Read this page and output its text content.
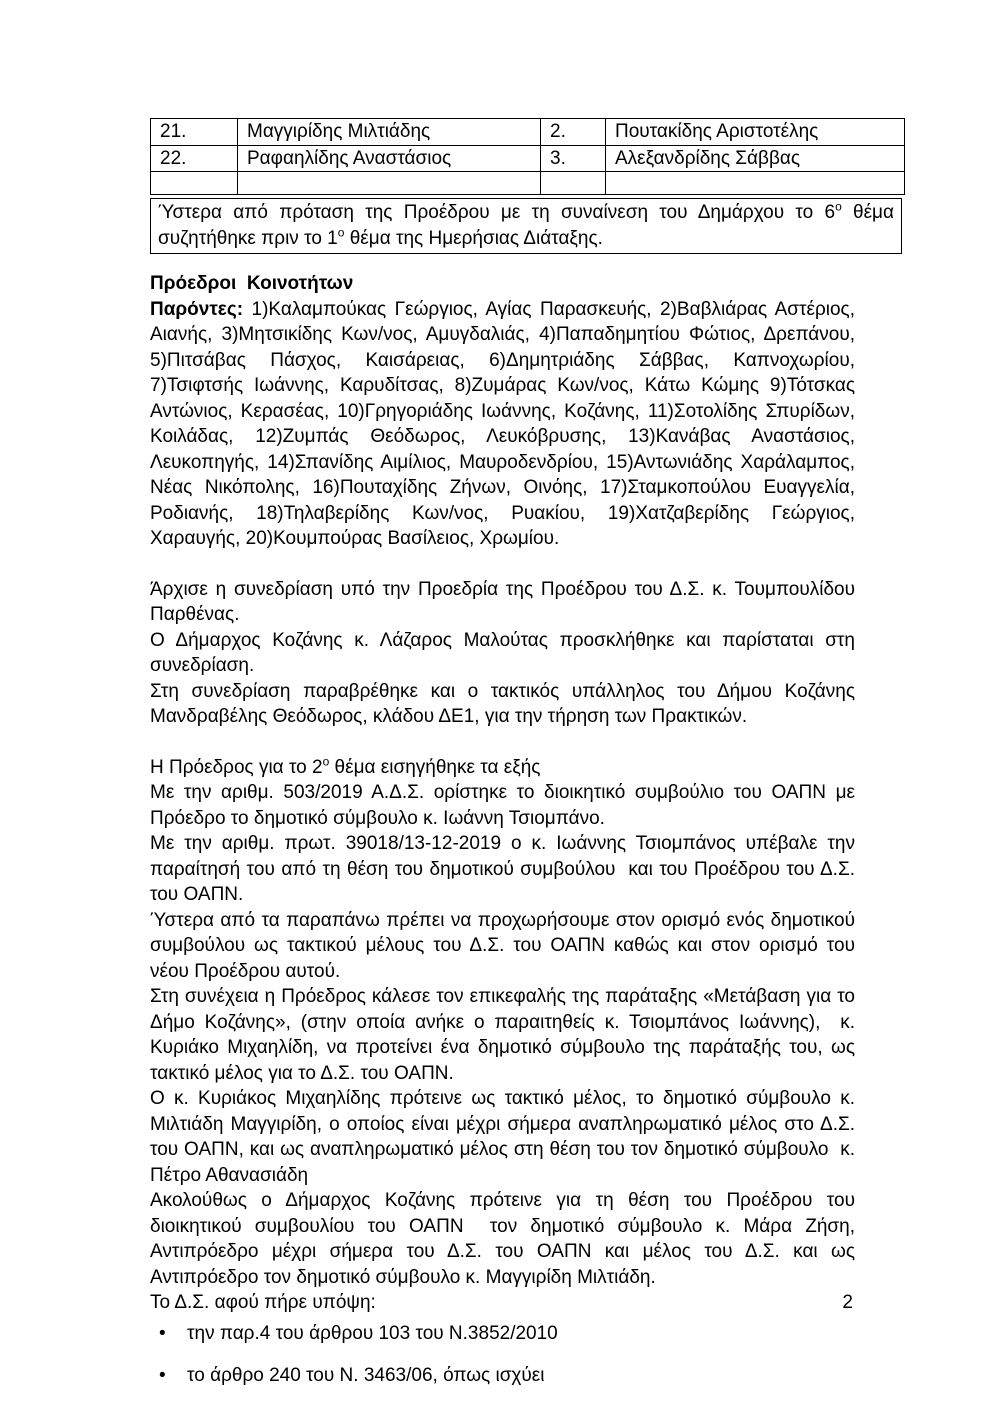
21.	Μαγγιρίδης Μιλτιάδης	2.	Πουτακίδης Αριστοτέλης
22.	Ραφαηλίδης Αναστάσιος	3.	Αλεξανδρίδης Σάββας

Ύστερα από πρόταση της Προέδρου με τη συναίνεση του Δημάρχου το $6^o$ θέμα συζητήθηκε πριν το $1^o$ θέμα της Ημερήσιας Διάταξης.

Πρόεδροι  Κοινοτήτων

Παρόντες: 1)Καλαμπούκας Γεώργιος, Αγίας Παρασκευής, 2)Βαβλιάρας Αστέριος, Αιανής, 3)Μητσικίδης Κων/νος, Αμυγδαλιάς, 4)Παπαδημητίου Φώτιος, Δρεπάνου, 5)Πιτσάβας Πάσχος, Καισάρειας, 6)Δημητριάδης Σάββας, Καπνοχωρίου, 7)Τσιφτσής Ιωάννης, Καρυδίτσας, 8)Ζυμάρας Κων/νος, Κάτω Κώμης 9)Τότσκας Αντώνιος, Κερασέας, 10)Γρηγοριάδης Ιωάννης, Κοζάνης, 11)Σοτολίδης Σπυρίδων, Κοιλάδας, 12)Ζυμπάς Θεόδωρος, Λευκόβρυσης, 13)Κανάβας Αναστάσιος, Λευκοπηγής, 14)Σπανίδης Αιμίλιος, Μαυροδενδρίου, 15)Αντωνιάδης Χαράλαμπος, Νέας Νικόπολης, 16)Πουταχίδης Ζήνων, Οινόης, 17)Σταμκοπούλου Ευαγγελία, Ροδιανής, 18)Τηλαβερίδης Κων/νος, Ρυακίου, 19)Χατζαβερίδης Γεώργιος, Χαραυγής, 20)Κουμπούρας Βασίλειος, Χρωμίου.

Άρχισε η συνεδρίαση υπό την Προεδρία της Προέδρου του Δ.Σ. κ. Τουμπουλίδου Παρθένας.

Ο Δήμαρχος Κοζάνης κ. Λάζαρος Μαλούτας προσκλήθηκε και παρίσταται στη συνεδρίαση.

Στη συνεδρίαση παραβρέθηκε και ο τακτικός υπάλληλος του Δήμου Κοζάνης Μανδραβέλης Θεόδωρος, κλάδου ΔΕ1, για την τήρηση των Πρακτικών.

Η Πρόεδρος για το $2^o$ θέμα εισηγήθηκε τα εξής

Με την αριθμ. 503/2019 Α.Δ.Σ. ορίστηκε το διοικητικό συμβούλιο του ΟΑΠΝ με Πρόεδρο το δημοτικό σύμβουλο κ. Ιωάννη Τσιομπάνο.

Με την αριθμ. πρωτ. 39018/13-12-2019 ο κ. Ιωάννης Τσιομπάνος υπέβαλε την παραίτησή του από τη θέση του δημοτικού συμβούλου  και του Προέδρου του Δ.Σ. του ΟΑΠΝ.

Ύστερα από τα παραπάνω πρέπει να προχωρήσουμε στον ορισμό ενός δημοτικού συμβούλου ως τακτικού μέλους του Δ.Σ. του ΟΑΠΝ καθώς και στον ορισμό του νέου Προέδρου αυτού.

Στη συνέχεια η Πρόεδρος κάλεσε τον επικεφαλής της παράταξης «Μετάβαση για το Δήμο Κοζάνης», (στην οποία ανήκε ο παραιτηθείς κ. Τσιομπάνος Ιωάννης),  κ. Κυριάκο Μιχαηλίδη, να προτείνει ένα δημοτικό σύμβουλο της παράταξής του, ως τακτικό μέλος για το Δ.Σ. του ΟΑΠΝ.

Ο κ. Κυριάκος Μιχαηλίδης πρότεινε ως τακτικό μέλος, το δημοτικό σύμβουλο κ. Μιλτιάδη Μαγγιρίδη, ο οποίος είναι μέχρι σήμερα αναπληρωματικό μέλος στο Δ.Σ. του ΟΑΠΝ, και ως αναπληρωματικό μέλος στη θέση του τον δημοτικό σύμβουλο  κ. Πέτρο Αθανασιάδη

Ακολούθως ο Δήμαρχος Κοζάνης πρότεινε για τη θέση του Προέδρου του διοικητικού συμβουλίου του ΟΑΠΝ  τον δημοτικό σύμβουλο κ. Μάρα Ζήση, Αντιπρόεδρο μέχρι σήμερα του Δ.Σ. του ΟΑΠΝ και μέλος του Δ.Σ. και ως Αντιπρόεδρο τον δημοτικό σύμβουλο κ. Μαγγιρίδη Μιλτιάδη.

Το Δ.Σ. αφού πήρε υπόψη:

• την παρ.4 του άρθρου 103 του Ν.3852/2010
• το άρθρο 240 του Ν. 3463/06, όπως ισχύει
2
